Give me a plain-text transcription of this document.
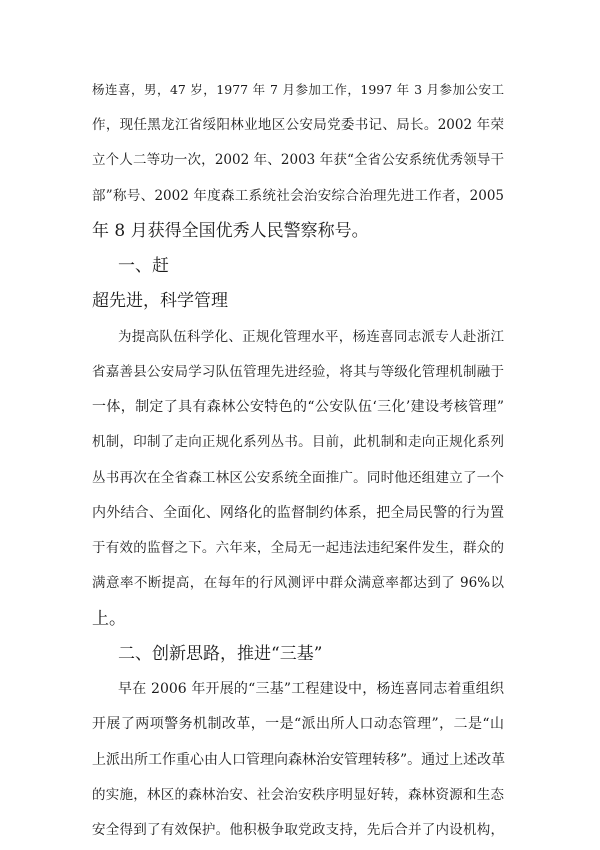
杨连喜，男，47 岁，1977 年 7 月参加工作，1997 年 3 月参加公安工
作，现任黑龙江省绥阳林业地区公安局党委书记、局长。2002 年荣
立个人二等功一次，2002 年、2003 年获“全省公安系统优秀领导干
部”称号、2002 年度森工系统社会治安综合治理先进工作者，2005
年 8 月获得全国优秀人民警察称号。
一、赶
超先进，科学管理
为提高队伍科学化、正规化管理水平，杨连喜同志派专人赴浙江
省嘉善县公安局学习队伍管理先进经验，将其与等级化管理机制融于
一体，制定了具有森林公安特色的“公安队伍‘三化’建设考核管理”
机制，印制了走向正规化系列丛书。目前，此机制和走向正规化系列
丛书再次在全省森工林区公安系统全面推广。同时他还组建立了一个
内外结合、全面化、网络化的监督制约体系，把全局民警的行为置
于有效的监督之下。六年来，全局无一起违法违纪案件发生，群众的
满意率不断提高，在每年的行风测评中群众满意率都达到了 96%以
上。
二、创新思路，推进“三基”
早在 2006 年开展的“三基”工程建设中，杨连喜同志着重组织
开展了两项警务机制改革，一是“派出所人口动态管理”，二是“山
上派出所工作重心由人口管理向森林治安管理转移”。通过上述改革
的实施，林区的森林治安、社会治安秩序明显好转，森林资源和生态
安全得到了有效保护。他积极争取党政支持，先后合并了内设机构，
